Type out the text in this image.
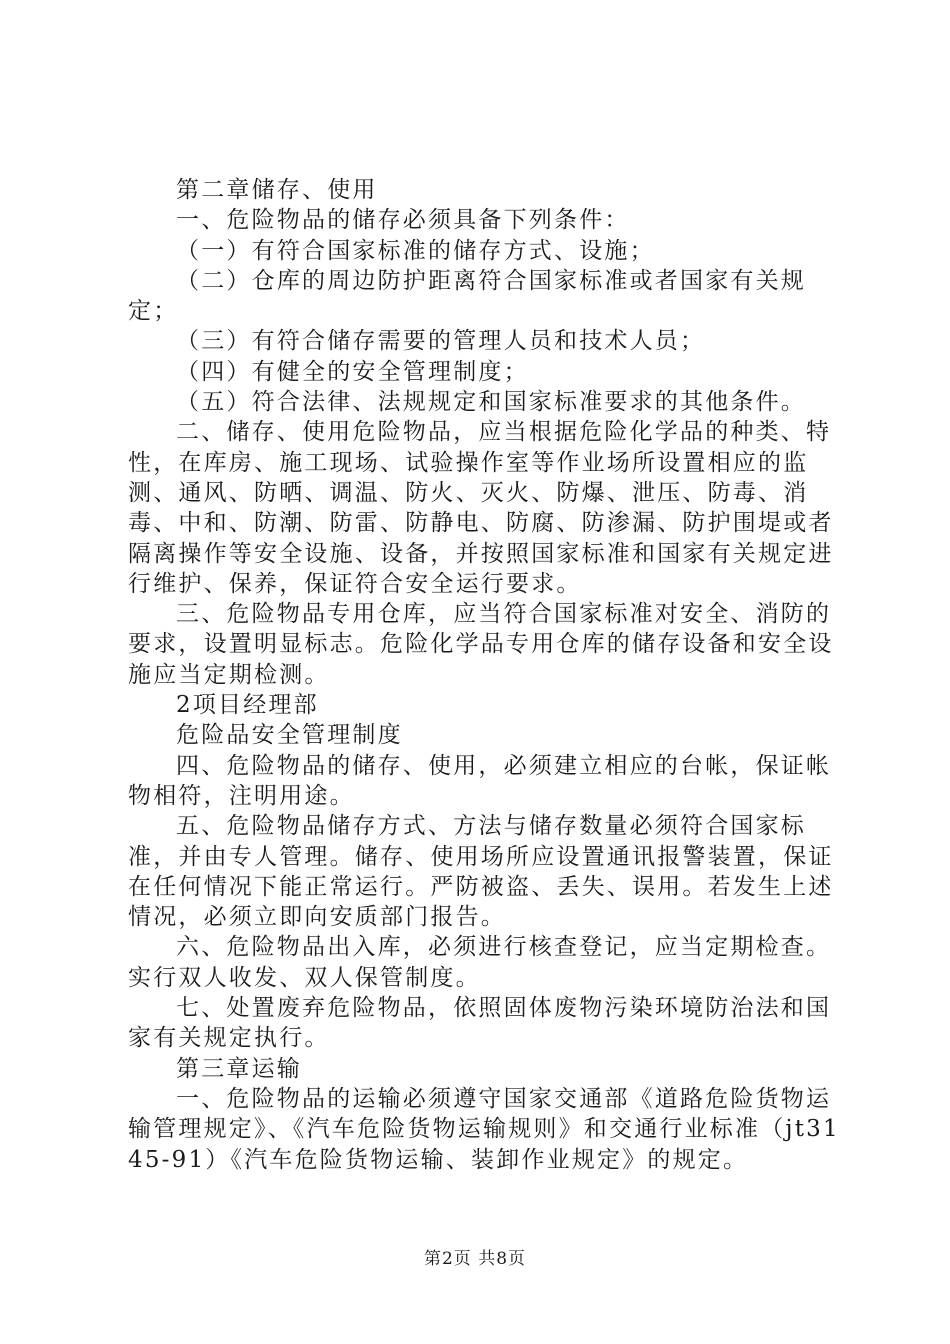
第二章储存、使用

一、危险物品的储存必须具备下列条件：

（一）有符合国家标准的储存方式、设施；

（二）仓库的周边防护距离符合国家标准或者国家有关规定；

（三）有符合储存需要的管理人员和技术人员；

（四）有健全的安全管理制度；

（五）符合法律、法规规定和国家标准要求的其他条件。

二、储存、使用危险物品，应当根据危险化学品的种类、特性，在库房、施工现场、试验操作室等作业场所设置相应的监测、通风、防晒、调温、防火、灭火、防爆、泄压、防毒、消毒、中和、防潮、防雷、防静电、防腐、防渗漏、防护围堤或者隔离操作等安全设施、设备，并按照国家标准和国家有关规定进行维护、保养，保证符合安全运行要求。

三、危险物品专用仓库，应当符合国家标准对安全、消防的要求，设置明显标志。危险化学品专用仓库的储存设备和安全设施应当定期检测。

2项目经理部

危险品安全管理制度

四、危险物品的储存、使用，必须建立相应的台帐，保证帐物相符，注明用途。

五、危险物品储存方式、方法与储存数量必须符合国家标准，并由专人管理。储存、使用场所应设置通讯报警装置，保证在任何情况下能正常运行。严防被盗、丢失、误用。若发生上述情况，必须立即向安质部门报告。

六、危险物品出入库，必须进行核查登记，应当定期检查。实行双人收发、双人保管制度。

七、处置废弃危险物品，依照固体废物污染环境防治法和国家有关规定执行。

第三章运输

一、危险物品的运输必须遵守国家交通部《道路危险货物运输管理规定》、《汽车危险货物运输规则》和交通行业标准（jt3145-91）《汽车危险货物运输、装卸作业规定》的规定。

第2页 共8页
